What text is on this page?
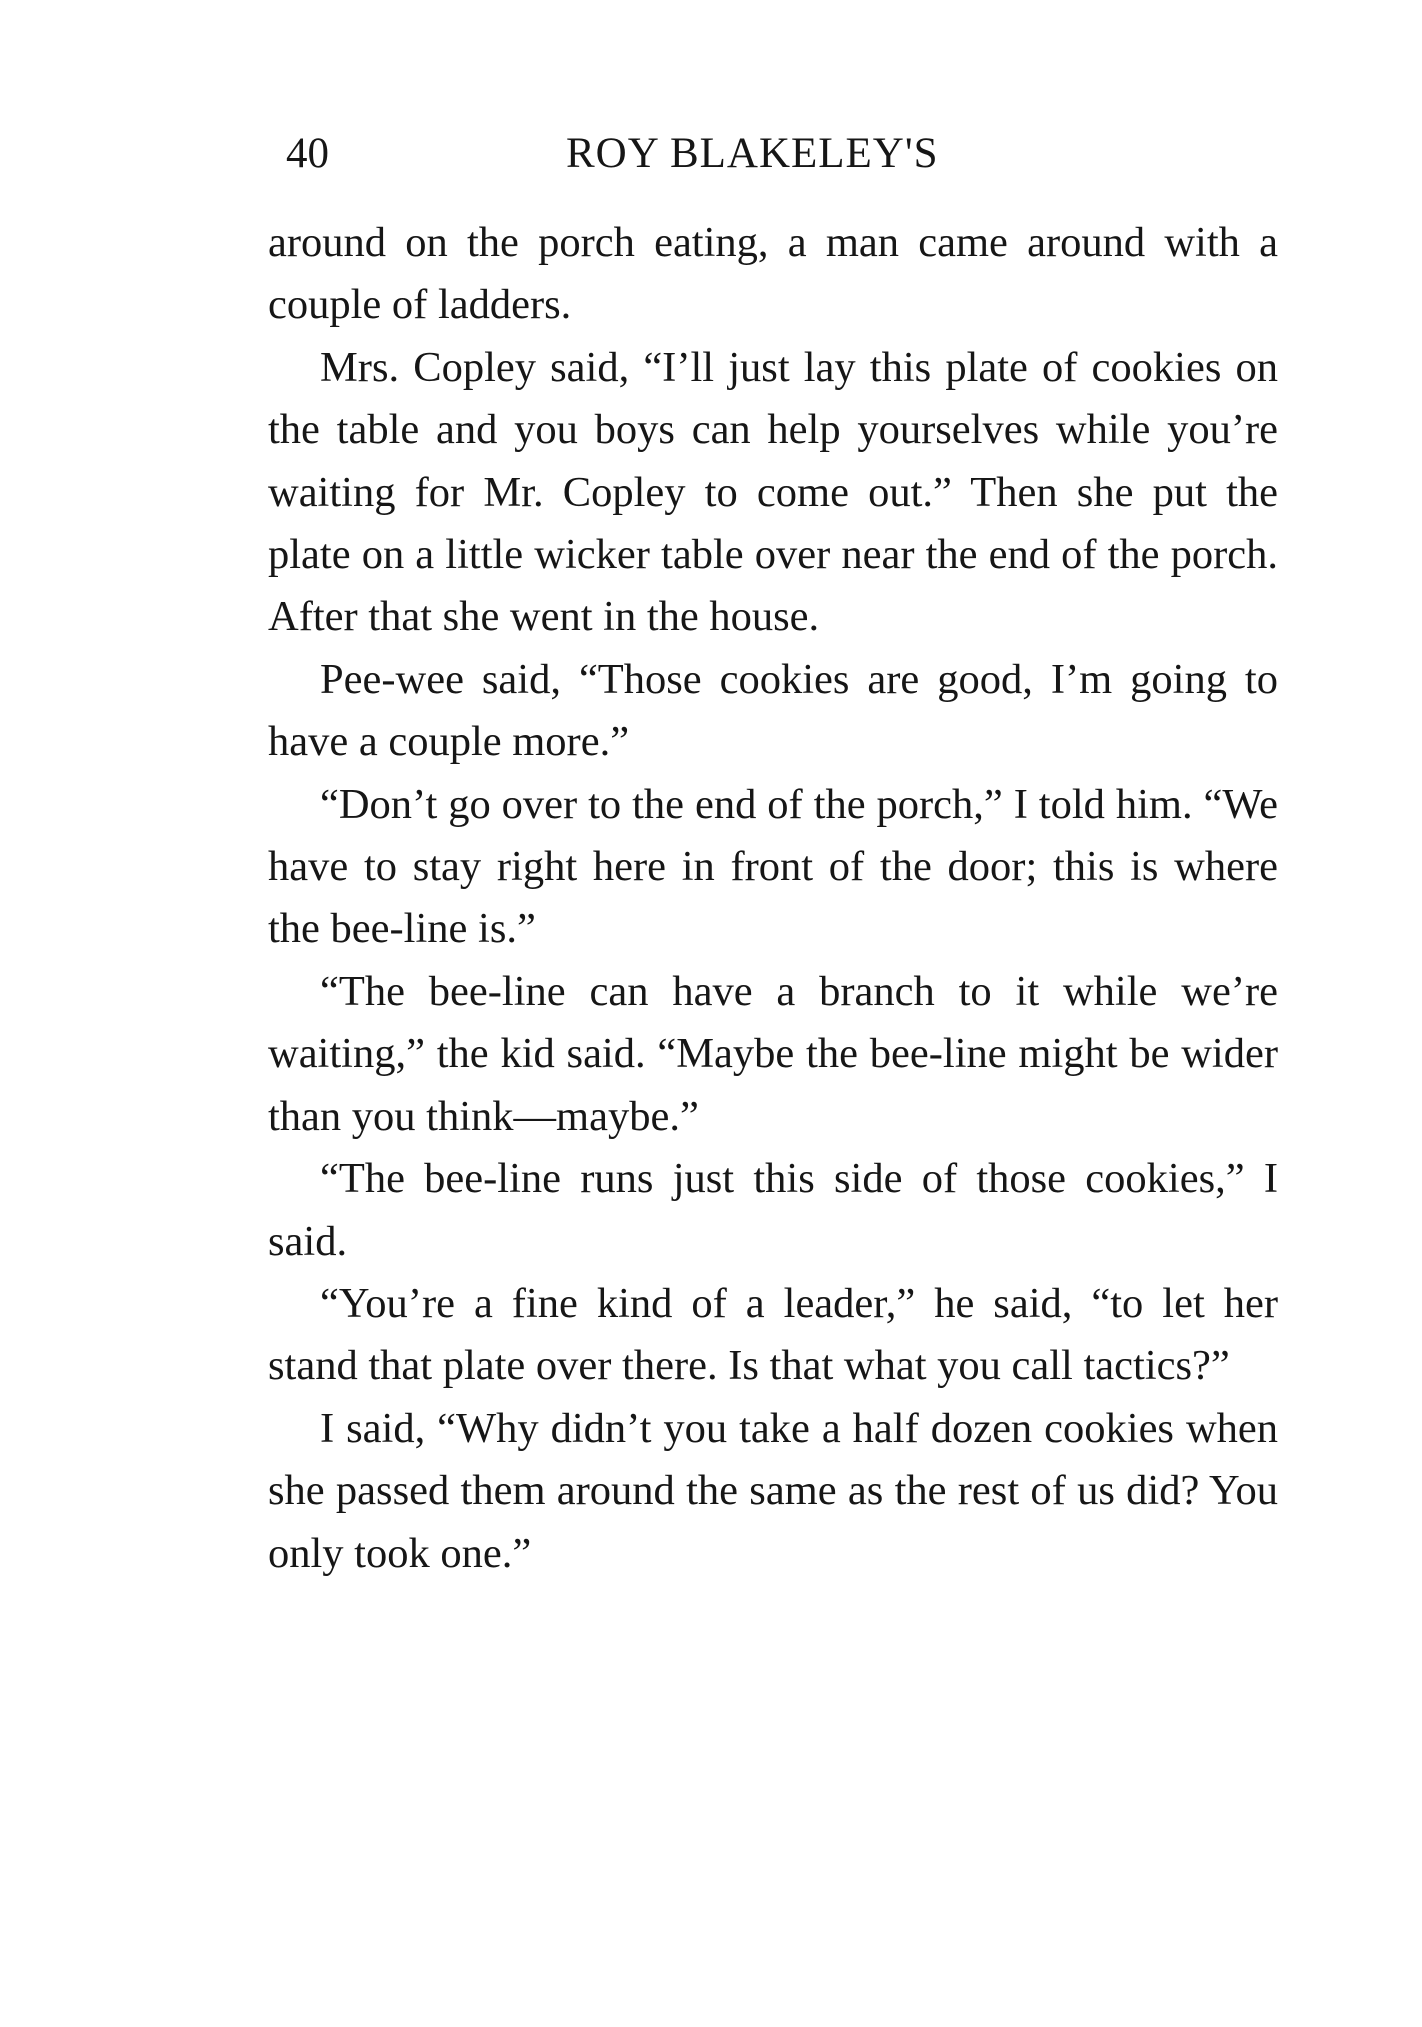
40	ROY BLAKELEY'S

around on the porch eating, a man came around with a couple of ladders.

Mrs. Copley said, “I’ll just lay this plate of cookies on the table and you boys can help yourselves while you’re waiting for Mr. Copley to come out.” Then she put the plate on a little wicker table over near the end of the porch. After that she went in the house.

Pee-wee said, “Those cookies are good, I’m going to have a couple more.”

“Don’t go over to the end of the porch,” I told him. “We have to stay right here in front of the door; this is where the bee-line is.”

“The bee-line can have a branch to it while we’re waiting,” the kid said. “Maybe the bee-line might be wider than you think—maybe.”

“The bee-line runs just this side of those cookies,” I said.

“You’re a fine kind of a leader,” he said, “to let her stand that plate over there. Is that what you call tactics?”

I said, “Why didn’t you take a half dozen cookies when she passed them around the same as the rest of us did? You only took one.”
